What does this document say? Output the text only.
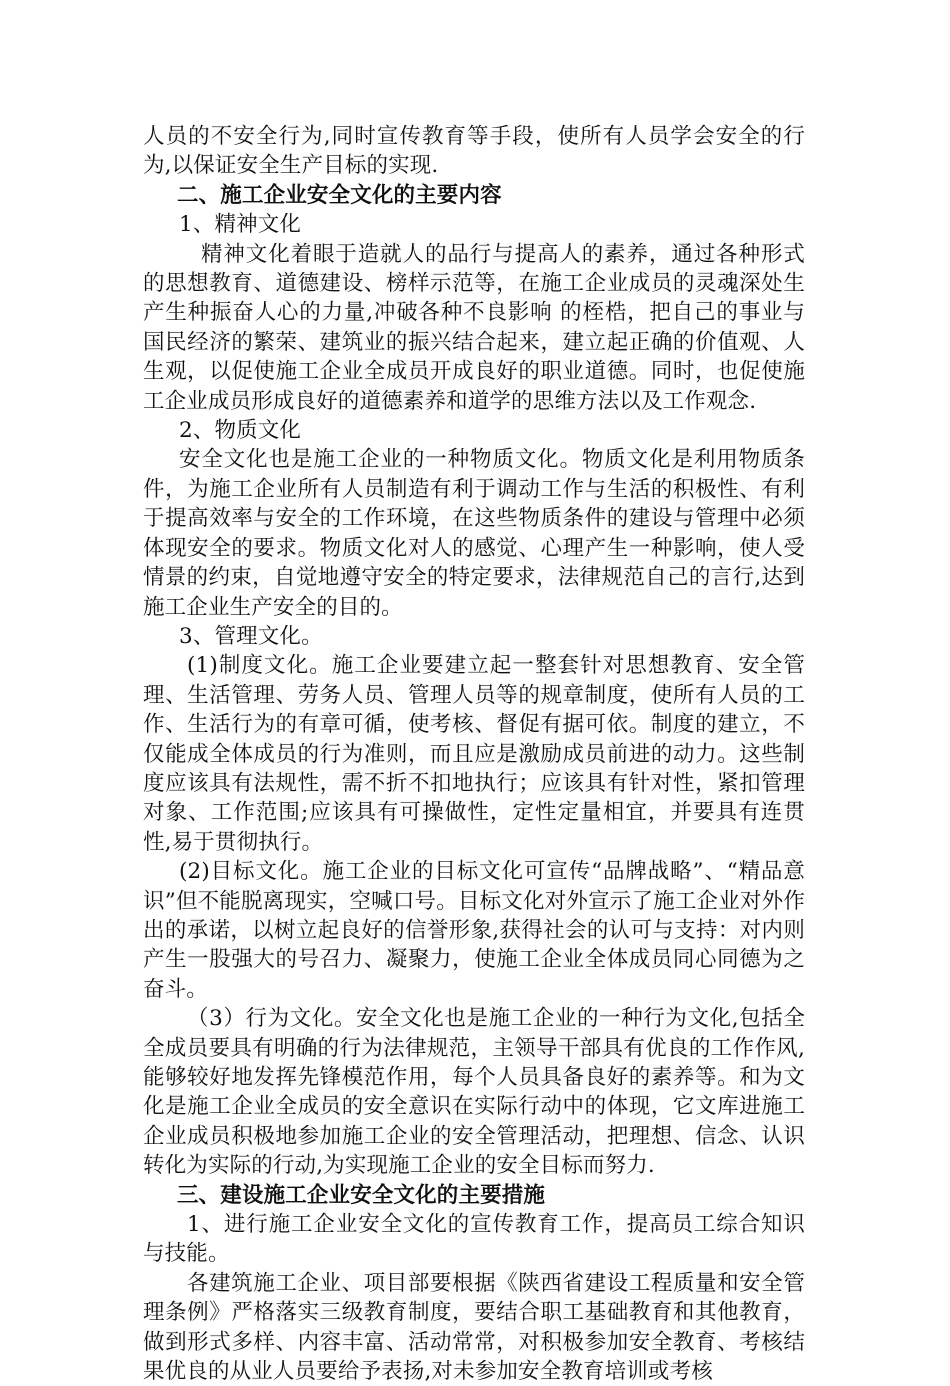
人员的不安全行为,同时宣传教育等手段，使所有人员学会安全的行为,以保证安全生产目标的实现.

二、施工企业安全文化的主要内容

1、精神文化

精神文化着眼于造就人的品行与提高人的素养，通过各种形式的思想教育、道德建设、榜样示范等，在施工企业成员的灵魂深处生产生种振奋人心的力量,冲破各种不良影响 的桎梏，把自己的事业与国民经济的繁荣、建筑业的振兴结合起来，建立起正确的价值观、人生观，以促使施工企业全成员开成良好的职业道德。同时，也促使施工企业成员形成良好的道德素养和道学的思维方法以及工作观念.

2、物质文化

安全文化也是施工企业的一种物质文化。物质文化是利用物质条件，为施工企业所有人员制造有利于调动工作与生活的积极性、有利于提高效率与安全的工作环境，在这些物质条件的建设与管理中必须体现安全的要求。物质文化对人的感觉、心理产生一种影响，使人受情景的约束，自觉地遵守安全的特定要求，法律规范自己的言行,达到施工企业生产安全的目的。

3、管理文化。

(1)制度文化。施工企业要建立起一整套针对思想教育、安全管理、生活管理、劳务人员、管理人员等的规章制度，使所有人员的工作、生活行为的有章可循，使考核、督促有据可依。制度的建立，不仅能成全体成员的行为准则，而且应是激励成员前进的动力。这些制度应该具有法规性，需不折不扣地执行；应该具有针对性，紧扣管理对象、工作范围;应该具有可操做性，定性定量相宜，并要具有连贯性,易于贯彻执行。

(2)目标文化。施工企业的目标文化可宣传“品牌战略”、“精品意识”但不能脱离现实，空喊口号。目标文化对外宣示了施工企业对外作出的承诺，以树立起良好的信誉形象,获得社会的认可与支持：对内则产生一股强大的号召力、凝聚力，使施工企业全体成员同心同德为之奋斗。

（3）行为文化。安全文化也是施工企业的一种行为文化,包括全全成员要具有明确的行为法律规范，主领导干部具有优良的工作作风,能够较好地发挥先锋模范作用，每个人员具备良好的素养等。和为文化是施工企业全成员的安全意识在实际行动中的体现，它文库进施工企业成员积极地参加施工企业的安全管理活动，把理想、信念、认识转化为实际的行动,为实现施工企业的安全目标而努力.

三、建设施工企业安全文化的主要措施

1、进行施工企业安全文化的宣传教育工作，提高员工综合知识与技能。

各建筑施工企业、项目部要根据《陕西省建设工程质量和安全管理条例》严格落实三级教育制度，要结合职工基础教育和其他教育，做到形式多样、内容丰富、活动常常，对积极参加安全教育、考核结果优良的从业人员要给予表扬,对未参加安全教育培训或考核
